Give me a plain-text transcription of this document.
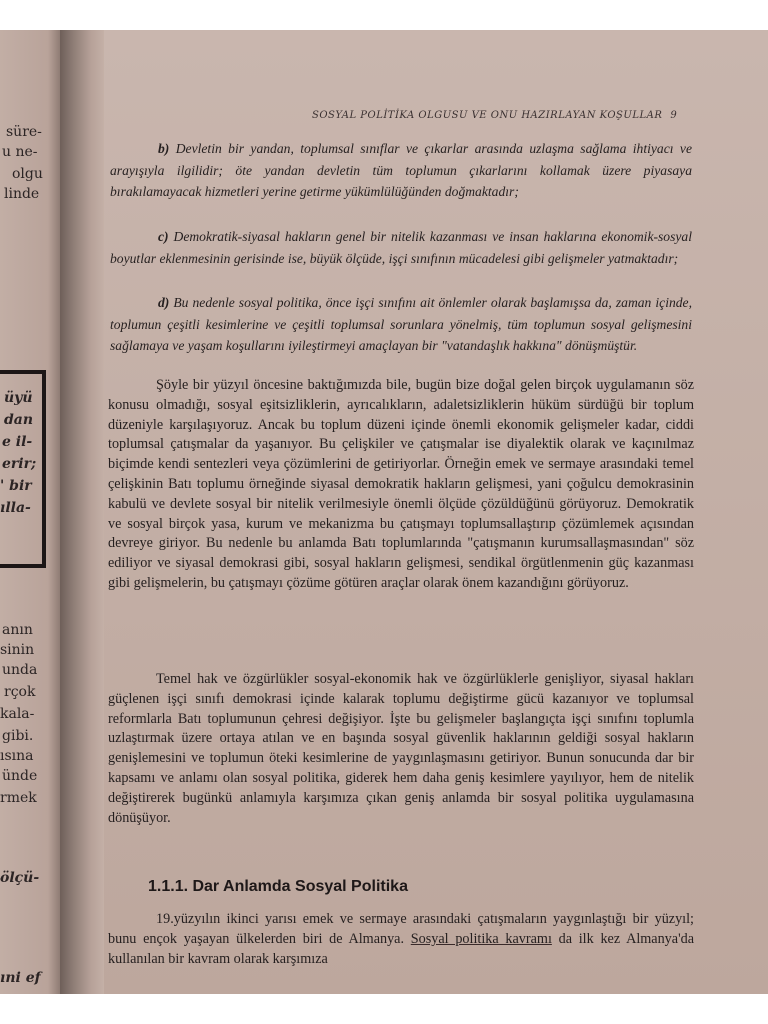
süre-
u ne-
olgu
linde
üyü
dan
e il-
erir;
' bir
ılla-
anın
sinin
unda
rçok
kala-
gibi.
ısına
ünde
rmek
ölçü-
ıni ef
SOSYAL POLİTİKA OLGUSU VE ONU HAZIRLAYAN KOŞULLAR 9
b) Devletin bir yandan, toplumsal sınıflar ve çıkarlar arasında uzlaşma sağlama ihtiyacı ve arayışıyla ilgilidir; öte yandan devletin tüm toplumun çıkarlarını kollamak üzere piyasaya bırakılamayacak hizmetleri yerine getirme yükümlülüğünden doğmaktadır;
c) Demokratik-siyasal hakların genel bir nitelik kazanması ve insan haklarına ekonomik-sosyal boyutlar eklenmesinin gerisinde ise, büyük ölçüde, işçi sınıfının mücadelesi gibi gelişmeler yatmaktadır;
d) Bu nedenle sosyal politika, önce işçi sınıfını ait önlemler olarak başlamışsa da, zaman içinde, toplumun çeşitli kesimlerine ve çeşitli toplumsal sorunlara yönelmiş, tüm toplumun sosyal gelişmesini sağlamaya ve yaşam koşullarını iyileştirmeyi amaçlayan bir "vatandaşlık hakkına" dönüşmüştür.
Şöyle bir yüzyıl öncesine baktığımızda bile, bugün bize doğal gelen birçok uygulamanın söz konusu olmadığı, sosyal eşitsizliklerin, ayrıcalıkların, adaletsizliklerin hüküm sürdüğü bir toplum düzeniyle karşılaşıyoruz. Ancak bu toplum düzeni içinde önemli ekonomik gelişmeler kadar, ciddi toplumsal çatışmalar da yaşanıyor. Bu çelişkiler ve çatışmalar ise diyalektik olarak ve kaçınılmaz biçimde kendi sentezleri veya çözümlerini de getiriyorlar. Örneğin emek ve sermaye arasındaki temel çelişkinin Batı toplumu örneğinde siyasal demokratik hakların gelişmesi, yani çoğulcu demokrasinin kabulü ve devlete sosyal bir nitelik verilmesiyle önemli ölçüde çözüldüğünü görüyoruz. Demokratik ve sosyal birçok yasa, kurum ve mekanizma bu çatışmayı toplumsallaştırıp çözümlemek açısından devreye giriyor. Bu nedenle bu anlamda Batı toplumlarında "çatışmanın kurumsallaşmasından" söz ediliyor ve siyasal demokrasi gibi, sosyal hakların gelişmesi, sendikal örgütlenmenin güç kazanması gibi gelişmelerin, bu çatışmayı çözüme götüren araçlar olarak önem kazandığını görüyoruz.
Temel hak ve özgürlükler sosyal-ekonomik hak ve özgürlüklerle genişliyor, siyasal hakları güçlenen işçi sınıfı demokrasi içinde kalarak toplumu değiştirme gücü kazanıyor ve toplumsal reformlarla Batı toplumunun çehresi değişiyor. İşte bu gelişmeler başlangıçta işçi sınıfını toplumla uzlaştırmak üzere ortaya atılan ve en başında sosyal güvenlik haklarının geldiği sosyal hakların genişlemesini ve toplumun öteki kesimlerine de yaygınlaşmasını getiriyor. Bunun sonucunda dar bir kapsamı ve anlamı olan sosyal politika, giderek hem daha geniş kesimlere yayılıyor, hem de nitelik değiştirerek bugünkü anlamıyla karşımıza çıkan geniş anlamda bir sosyal politika uygulamasına dönüşüyor.
1.1.1. Dar Anlamda Sosyal Politika
19.yüzyılın ikinci yarısı emek ve sermaye arasındaki çatışmaların yaygınlaştığı bir yüzyıl; bunu ençok yaşayan ülkelerden biri de Almanya. Sosyal politika kavramı da ilk kez Almanya'da kullanılan bir kavram olarak karşımıza
